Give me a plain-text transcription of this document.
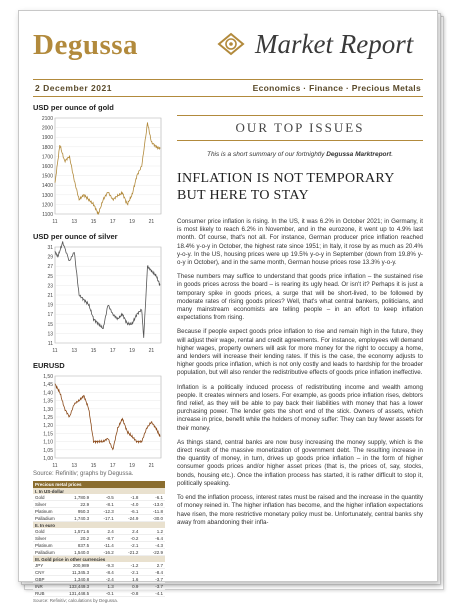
Degussa	Market Report
2 December 2021	Economics · Finance · Precious Metals
USD per ounce of gold
2100
2000
1900
1800
1700
1600
1500
1400
1300
1200
1100
11	13	15	17	19	21
USD per ounce of silver
31
29
27
25
23
21
19
17
15
13
11
11	13	15	17	19	21
EURUSD
1,50
1,45
1,40
1,35
1,30
1,25
1,20
1,15
1,10
1,05
1,00
11	13	15	17	19	21
Source: Refinitiv; graphs by Degussa.
Precious metal prices
I. In US-dollar
Gold	1,780.9	-0.5	-1.8	-6.1
Silver	22.9	-8.1	-4.0	-13.0
Platinum	950.3	-12.3	-6.1	-11.8
Palladium	1,740.3	-17.1	-24.9	-30.0
II. In euro
Gold	1,571.6	2.4	2.4	1.2
Silver	20.2	-8.7	-0.2	-6.4
Platinum	837.5	-11.4	-2.1	-4.3
Palladium	1,540.0	-16.2	-21.2	-22.9
III. Gold price in other currencies
JPY	200,989	-9.3	-1.2	2.7
CNY	11,345.3	-8.4	-2.1	-8.4
GBP	1,340.8	-2.4	1.6	-3.7
INR	133,449.3	1.3	0.9	-3.7
RUB	131,448.5	-0.1	-0.8	-4.1
Source: Refinitiv; calculations by Degussa.
OUR TOP ISSUES
This is a short summary of our fortnightly Degussa Marktreport.
INFLATION IS NOT TEMPORARY BUT HERE TO STAY

Consumer price inflation is rising. In the US, it was 6.2% in October 2021; in Germany, it is most likely to reach 6.2% in November, and in the eurozone, it went up to 4.9% last month. Of course, that's not all. For instance, German producer price inflation reached 18.4% y-o-y in October, the highest rate since 1951; in Italy, it rose by as much as 20.4% y-o-y. In the US, housing prices were up 19.5% y-o-y in September (down from 19.8% y-o-y in October), and in the same month, German house prices rose 13.3% y-o-y.

These numbers may suffice to understand that goods price inflation – the sustained rise in goods prices across the board – is rearing its ugly head. Or isn't it? Perhaps it is just a temporary spike in goods prices, a surge that will be short-lived, to be followed by moderate rates of rising goods prices? Well, that's what central bankers, politicians, and many mainstream economists are telling people – in an effort to keep inflation expectations from rising.

Because if people expect goods price inflation to rise and remain high in the future, they will adjust their wage, rental and credit agreements. For instance, employees will demand higher wages, property owners will ask for more money for the right to occupy a home, and lenders will increase their lending rates. If this is the case, the economy adjusts to higher goods price inflation, which is not only costly and leads to hardship for the broader population, but will also render the redistributive effects of goods price inflation ineffective.

Inflation is a politically induced process of redistributing income and wealth among people. It creates winners and losers. For example, as goods price inflation rises, debtors find relief, as they will be able to pay back their liabilities with money that has a lower purchasing power. The lender gets the short end of the stick. Owners of assets, which increase in price, benefit while the holders of money suffer: They can buy fewer assets for their money.

As things stand, central banks are now busy increasing the money supply, which is the direct result of the massive monetization of government debt. The resulting increase in the quantity of money, in turn, drives up goods price inflation – in the form of higher consumer goods prices and/or higher asset prices (that is, the prices of, say, stocks, bonds, housing etc.). Once the inflation process has started, it is rather difficult to stop it, politically speaking.

To end the inflation process, interest rates must be raised and the increase in the quantity of money reined in. The higher inflation has become, and the higher inflation expectations have risen, the more restrictive monetary policy must be. Unfortunately, central banks shy away from abandoning their infla-
